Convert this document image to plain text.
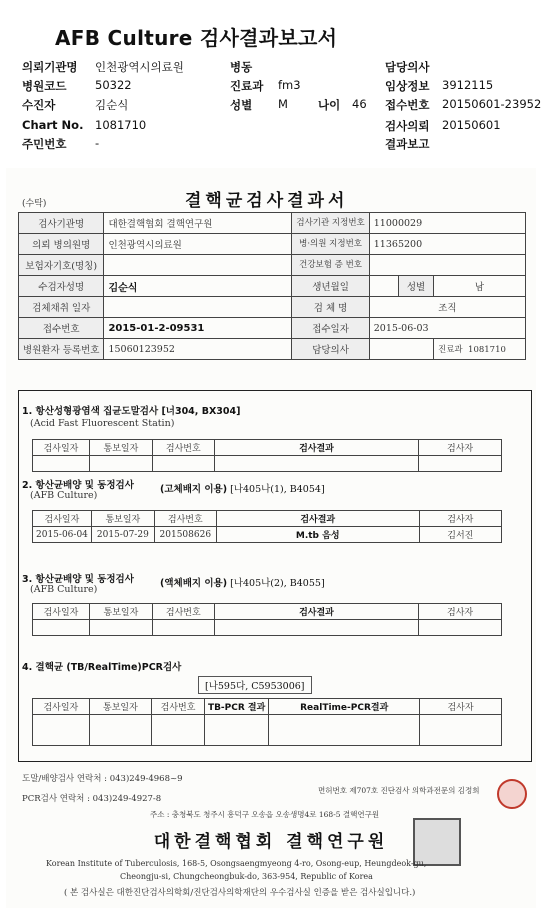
AFB Culture 검사결과보고서
의뢰기관명 인천광역시의료원	병동	담당의사
병원코드 50322	진료과 fm3	임상정보 3912115
수진자	김순식	성별 M	나이 46 접수번호 20150601-23952
Chart No. 1081710	검사의뢰 20150601
주민번호 -	결과보고
(수탁)	결핵균검사결과서
검사기관명	대한결핵협회 결핵연구원	검사기관 지정번호	11000029		
의뢰 병의원명	인천광역시의료원	병·의원 지정번호	11365200		
보험자기호(명칭)		건강보험 증 번호			
수검자성명	김순식	생년월일		성별	남
검체채취 일자		검 체 명	조직		
접수번호	2015-01-2-09531	접수일자	2015-06-03		
병원환자 등록번호	15060123952	담당의사			진료과 1081710
1. 항산성형광염색 집균도말검사 [너304, BX304]
(Acid Fast Fluorescent Statin)
검사일자	통보일자	검사번호	검사결과	검사자

2. 항산균배양 및 동정검사
(AFB Culture)
(고체배지 이용) [나405나(1), B4054]
검사일자	통보일자	검사번호	검사결과	검사자
2015-06-04	2015-07-29	201508626	M.tb 음성	김서진
3. 항산균배양 및 동정검사
(AFB Culture)
(액체배지 이용) [나405나(2), B4055]
검사일자	통보일자	검사번호	검사결과	검사자

4. 결핵균 (TB/RealTime)PCR검사
[나595다, C5953006]
검사일자	통보일자	검사번호	TB-PCR 결과	RealTime-PCR결과	검사자

도말/배양검사 연락처 : 043)249-4968~9
PCR검사 연락처 : 043)249-4927-8
면허번호 제707호 진단검사 의학과전문의 김정희
주소 : 충청북도 청주시 흥덕구 오송읍 오송생명4로 168-5 결핵연구원
대한결핵협회 결핵연구원
Korean Institute of Tuberculosis, 168-5, Osongsaengmyeong 4-ro, Osong-eup, Heungdeok-gu,
Cheongju-si, Chungcheongbuk-do, 363-954, Republic of Korea
( 본 검사실은 대한진단검사의학회/진단검사의학재단의 우수검사실 인증을 받은 검사실입니다.)
